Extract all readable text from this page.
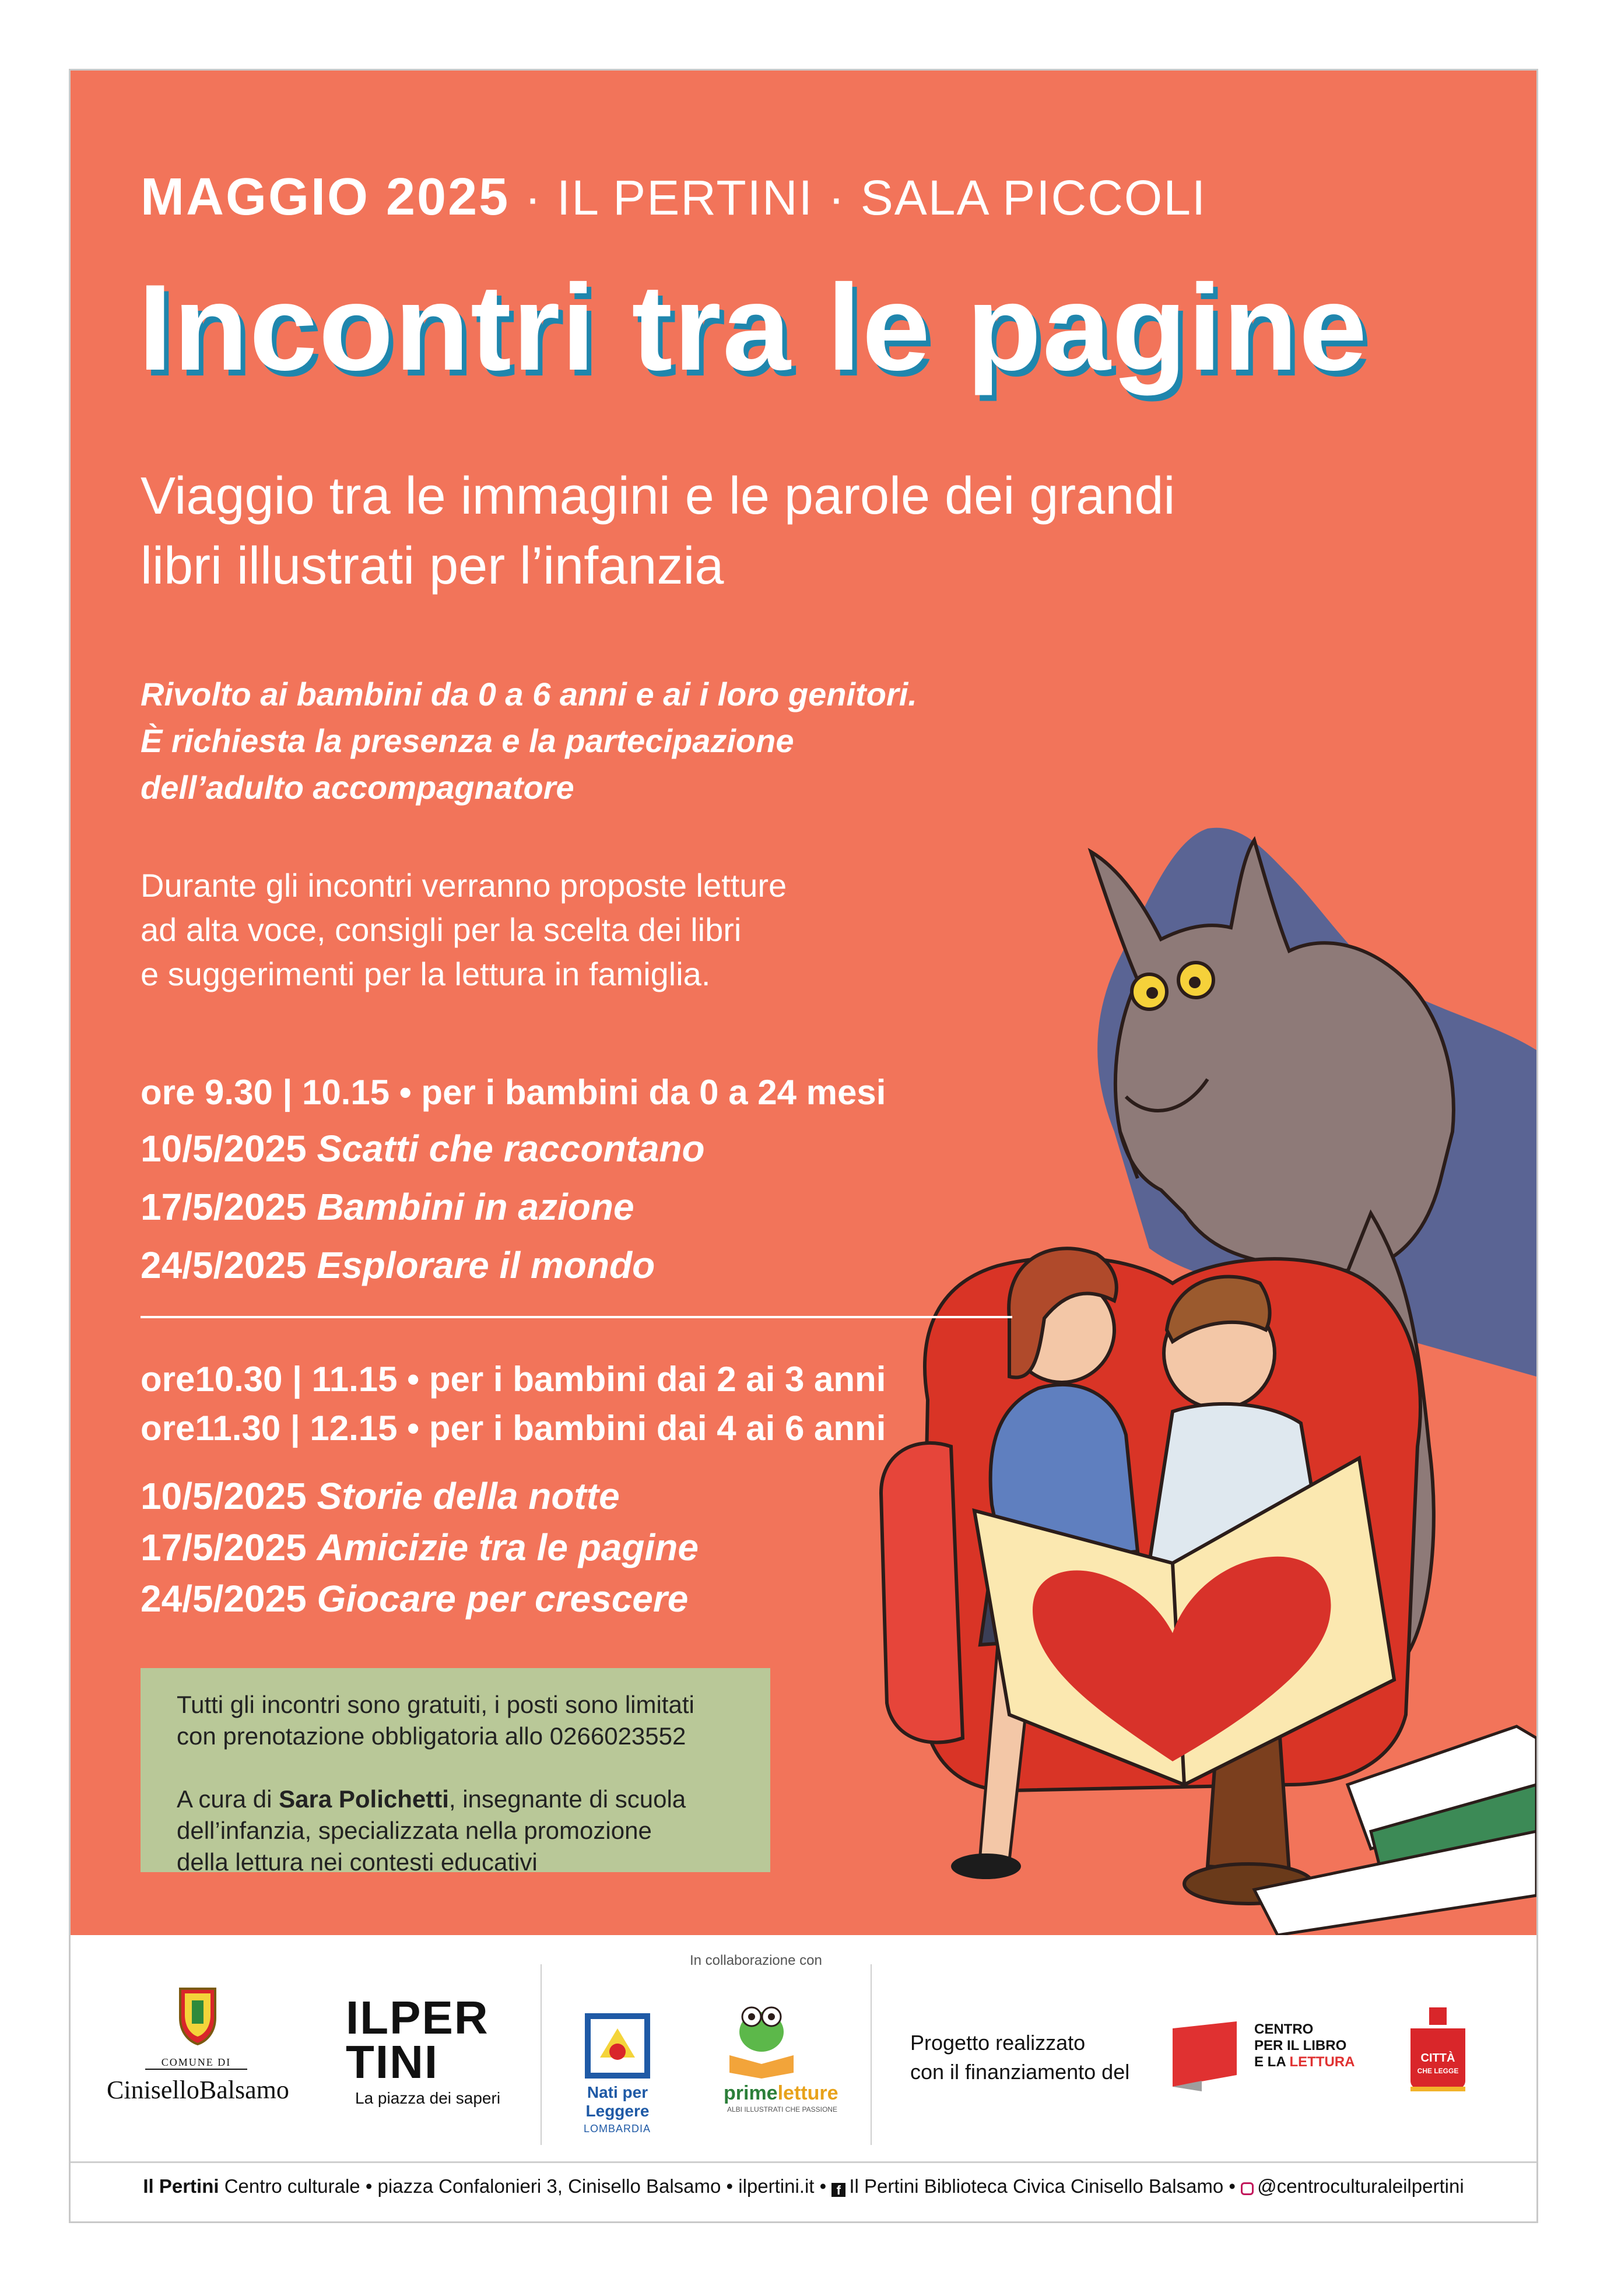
MAGGIO 2025 · IL PERTINI · SALA PICCOLI
Incontri tra le pagine
Viaggio tra le immagini e le parole dei grandi
libri illustrati per l’infanzia
Rivolto ai bambini da 0 a 6 anni e ai i loro genitori.
È richiesta la presenza e la partecipazione
dell’adulto accompagnatore
Durante gli incontri verranno proposte letture
ad alta voce, consigli per la scelta dei libri
e suggerimenti per la lettura in famiglia.
ore 9.30 | 10.15 • per i bambini da 0 a 24 mesi
10/5/2025 Scatti che raccontano
17/5/2025 Bambini in azione
24/5/2025 Esplorare il mondo
ore10.30 | 11.15 • per i bambini dai 2 ai 3 anni
ore11.30 | 12.15 • per i bambini dai 4 ai 6 anni
10/5/2025 Storie della notte
17/5/2025 Amicizie tra le pagine
24/5/2025 Giocare per crescere

Tutti gli incontri sono gratuiti, i posti sono limitati
con prenotazione obbligatoria allo 0266023552

A cura di Sara Polichetti, insegnante di scuola
dell’infanzia, specializzata nella promozione
della lettura nei contesti educativi

In collaborazione con
COMUNE DI
CiniselloBalsamo
ILPER
TINI
La piazza dei saperi	Nati per
Leggere
LOMBARDIA
primeletture
ALBI ILLUSTRATI CHE PASSIONE
Progetto realizzato
con il finanziamento del
CENTRO
PER IL LIBRO
E LA LETTURA	CITTÀ
CHE LEGGE
Il Pertini Centro culturale • piazza Confalonieri 3, Cinisello Balsamo • ilpertini.it • f Il Pertini Biblioteca Civica Cinisello Balsamo • @centroculturaleilpertini
